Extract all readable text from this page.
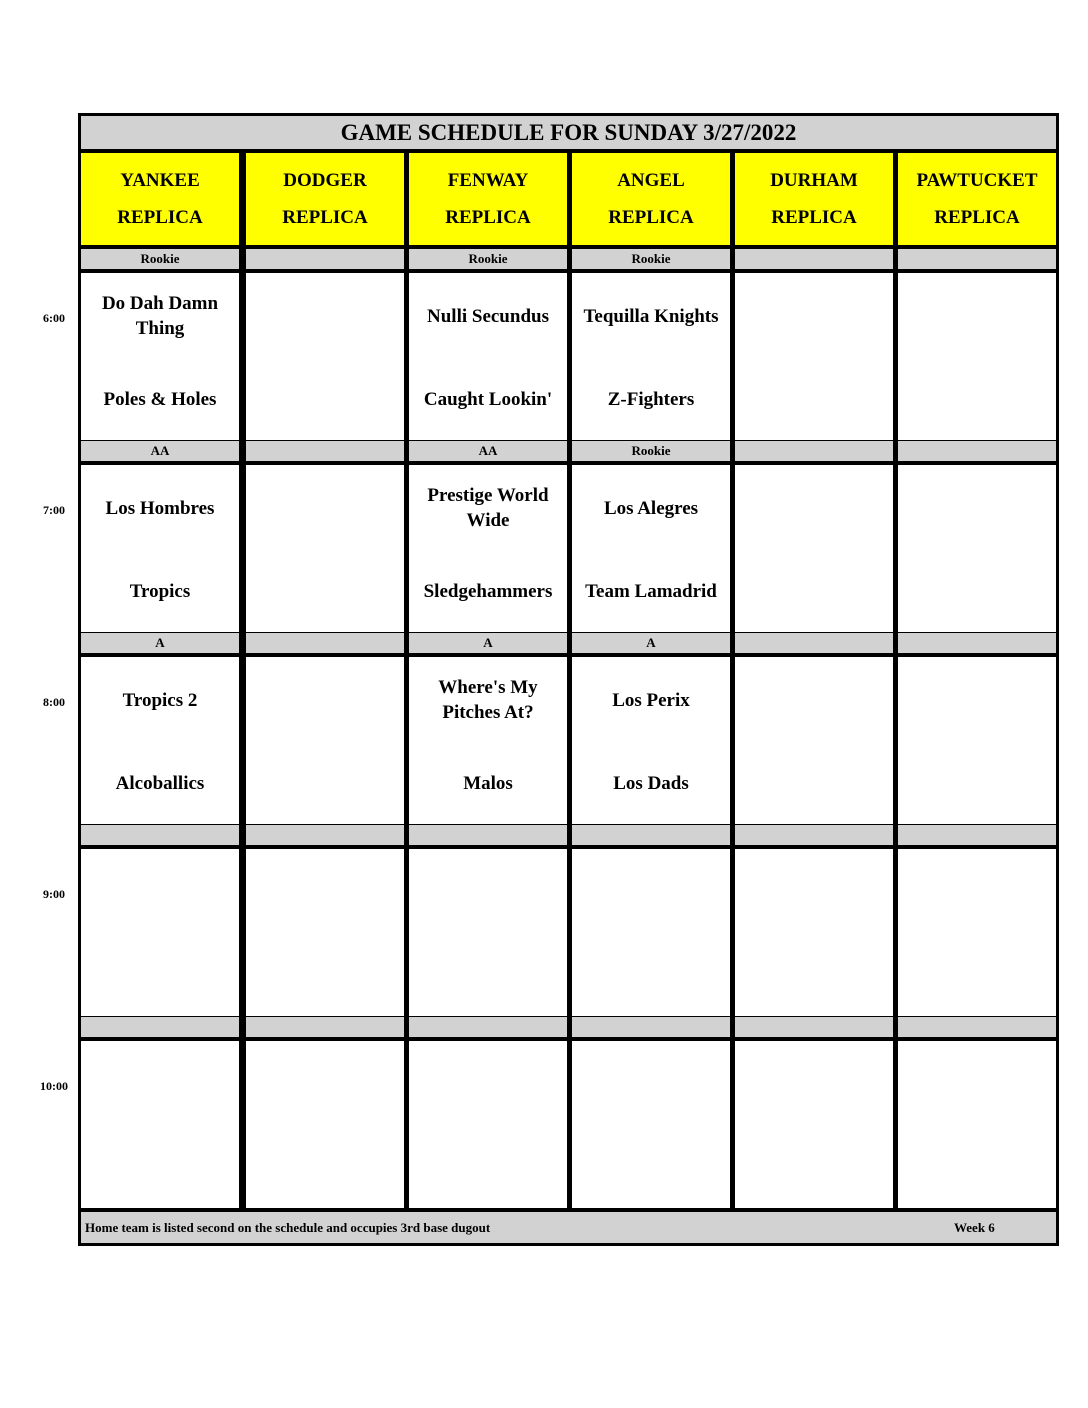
6:00
7:00
8:00
9:00
10:00
GAME SCHEDULE FOR SUNDAY 3/27/2022
YANKEE
REPLICA
DODGER
REPLICA
FENWAY
REPLICA
ANGEL
REPLICA
DURHAM
REPLICA
PAWTUCKET
REPLICA
Rookie
Do Dah Damn Thing
Poles & Holes
Rookie
Nulli Secundus
Caught Lookin'
Rookie
Tequilla Knights
Z-Fighters
AA
Los Hombres
Tropics
AA
Prestige World Wide
Sledgehammers
Rookie
Los Alegres
Team Lamadrid
A
Tropics 2
Alcoballics
A
Where's My Pitches At?
Malos
A
Los Perix
Los Dads
Home team is listed second on the schedule and occupies 3rd base dugout	Week 6
